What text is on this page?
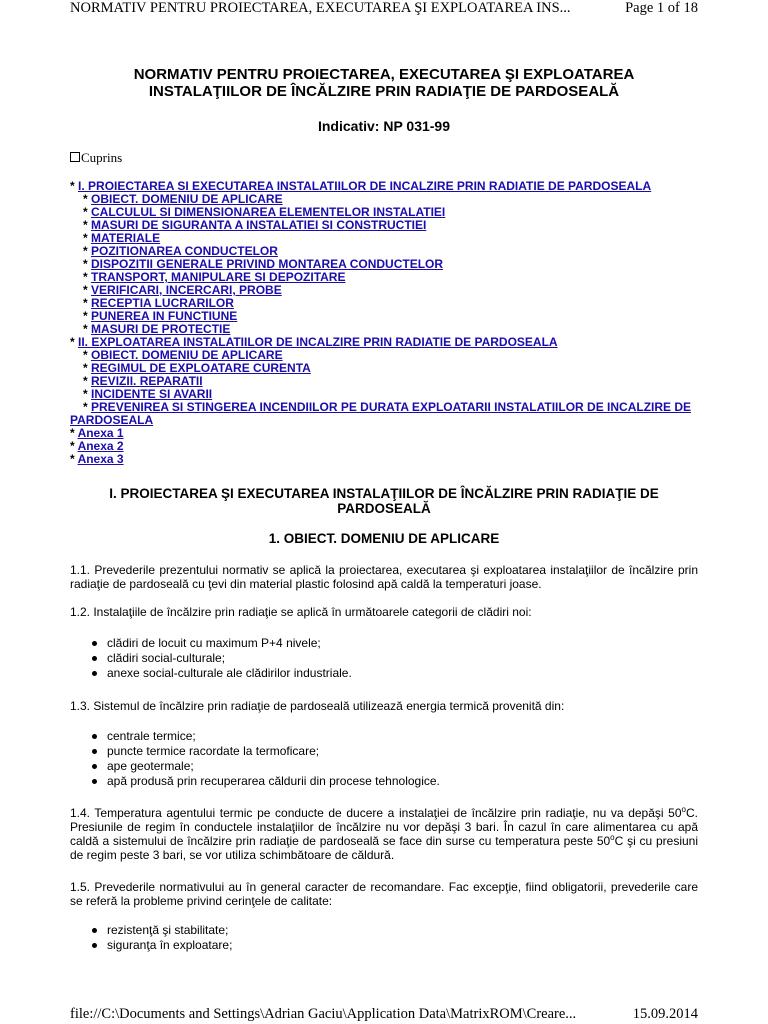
NORMATIV PENTRU PROIECTAREA, EXECUTAREA ŞI EXPLOATAREA INS...	Page 1 of 18
NORMATIV PENTRU PROIECTAREA, EXECUTAREA ŞI EXPLOATAREA
INSTALAŢIILOR DE ÎNCĂLZIRE PRIN RADIAŢIE DE PARDOSEALĂ
Indicativ: NP 031-99
Cuprins
* I. PROIECTAREA SI EXECUTAREA INSTALATIILOR DE INCALZIRE PRIN RADIATIE DE PARDOSEALA
* OBIECT. DOMENIU DE APLICARE
* CALCULUL SI DIMENSIONAREA ELEMENTELOR INSTALATIEI
* MASURI DE SIGURANTA A INSTALATIEI SI CONSTRUCTIEI
* MATERIALE
* POZITIONAREA CONDUCTELOR
* DISPOZITII GENERALE PRIVIND MONTAREA CONDUCTELOR
* TRANSPORT, MANIPULARE SI DEPOZITARE
* VERIFICARI, INCERCARI, PROBE
* RECEPTIA LUCRARILOR
* PUNEREA IN FUNCTIUNE
* MASURI DE PROTECTIE
* II. EXPLOATAREA INSTALATIILOR DE INCALZIRE PRIN RADIATIE DE PARDOSEALA
* OBIECT. DOMENIU DE APLICARE
* REGIMUL DE EXPLOATARE CURENTA
* REVIZII. REPARATII
* INCIDENTE SI AVARII
* PREVENIREA SI STINGEREA INCENDIILOR PE DURATA EXPLOATARII INSTALATIILOR DE INCALZIRE DE PARDOSEALA
* Anexa 1
* Anexa 2
* Anexa 3
I. PROIECTAREA ŞI EXECUTAREA INSTALAŢIILOR DE ÎNCĂLZIRE PRIN RADIAŢIE DE PARDOSEALĂ
1. OBIECT. DOMENIU DE APLICARE
1.1. Prevederile prezentului normativ se aplică la proiectarea, executarea şi exploatarea instalaţiilor de încălzire prin radiaţie de pardoseală cu ţevi din material plastic folosind apă caldă la temperaturi joase.
1.2. Instalaţiile de încălzire prin radiaţie se aplică în următoarele categorii de clădiri noi:
clădiri de locuit cu maximum P+4 nivele;
clădiri social-culturale;
anexe social-culturale ale clădirilor industriale.
1.3. Sistemul de încălzire prin radiaţie de pardoseală utilizează energia termică provenită din:
centrale termice;
puncte termice racordate la termoficare;
ape geotermale;
apă produsă prin recuperarea căldurii din procese tehnologice.
1.4. Temperatura agentului termic pe conducte de ducere a instalaţiei de încălzire prin radiaţie, nu va depăşi 50$^o$C. Presiunile de regim în conductele instalaţiilor de încălzire nu vor depăşi 3 bari. În cazul în care alimentarea cu apă caldă a sistemului de încălzire prin radiaţie de pardoseală se face din surse cu temperatura peste 50$^o$C şi cu presiuni de regim peste 3 bari, se vor utiliza schimbătoare de căldură.
1.5. Prevederile normativului au în general caracter de recomandare. Fac excepţie, fiind obligatorii, prevederile care se referă la probleme privind cerinţele de calitate:
rezistenţă şi stabilitate;
siguranţa în exploatare;
file://C:\Documents and Settings\Adrian Gaciu\Application Data\MatrixROM\Creare...	15.09.2014
